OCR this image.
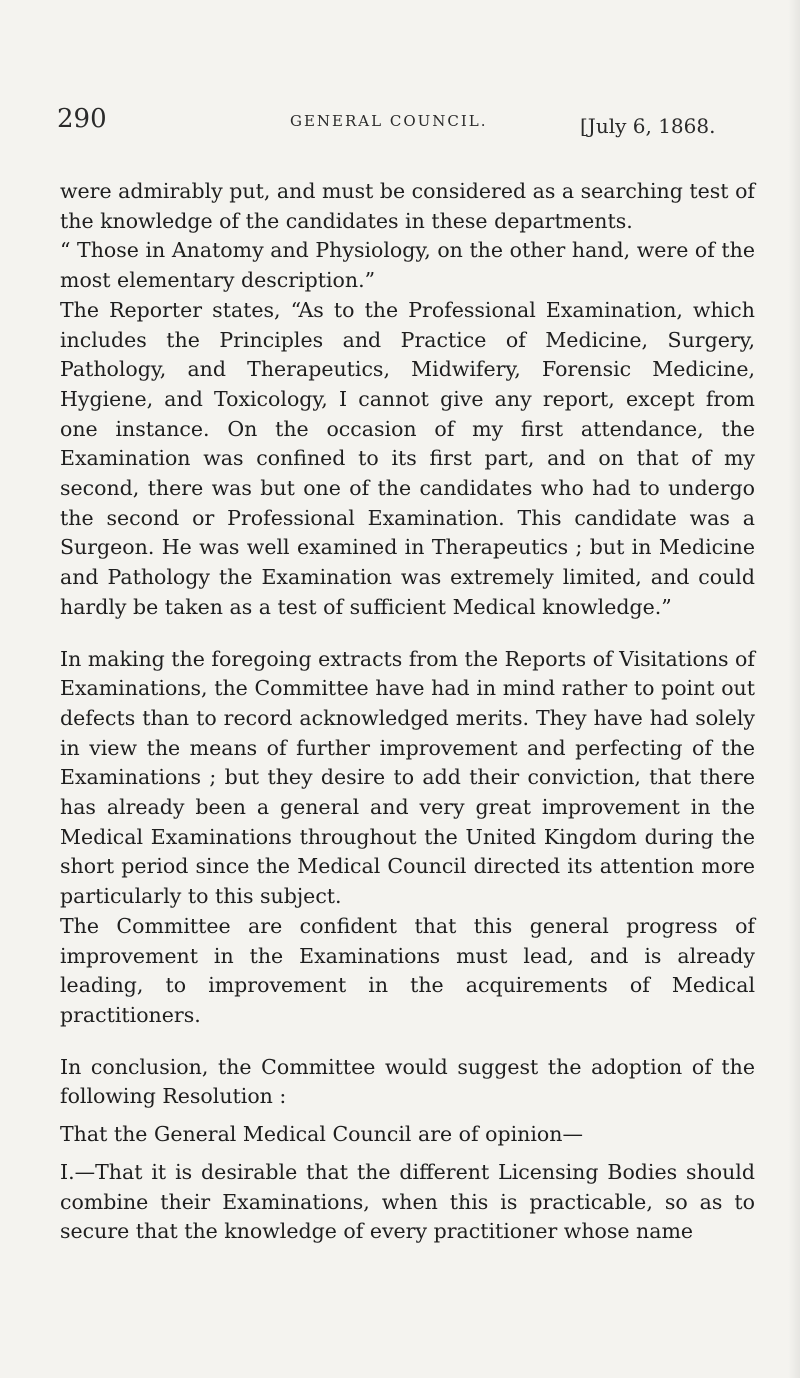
290	GENERAL COUNCIL.	[July 6, 1868.

were admirably put, and must be considered as a searching test of the knowledge of the candidates in these departments.

“ Those in Anatomy and Physiology, on the other hand, were of the most elementary description.”

The Reporter states, “As to the Professional Examination, which includes the Principles and Practice of Medicine, Surgery, Pathology, and Therapeutics, Midwifery, Forensic Medicine, Hygiene, and Toxicology, I cannot give any report, except from one instance. On the occasion of my first attendance, the Examination was confined to its first part, and on that of my second, there was but one of the candidates who had to undergo the second or Professional Examination. This candidate was a Surgeon. He was well examined in Therapeutics ; but in Medicine and Pathology the Examination was extremely limited, and could hardly be taken as a test of sufficient Medical knowledge.”

In making the foregoing extracts from the Reports of Visitations of Examinations, the Committee have had in mind rather to point out defects than to record acknowledged merits. They have had solely in view the means of further improvement and perfecting of the Examinations ; but they desire to add their conviction, that there has already been a general and very great improvement in the Medical Examinations throughout the United Kingdom during the short period since the Medical Council directed its attention more particularly to this subject.

The Committee are confident that this general progress of improvement in the Examinations must lead, and is already leading, to improvement in the acquirements of Medical practitioners.

In conclusion, the Committee would suggest the adoption of the following Resolution :

That the General Medical Council are of opinion—

I.—That it is desirable that the different Licensing Bodies should combine their Examinations, when this is practicable, so as to secure that the knowledge of every practitioner whose name
